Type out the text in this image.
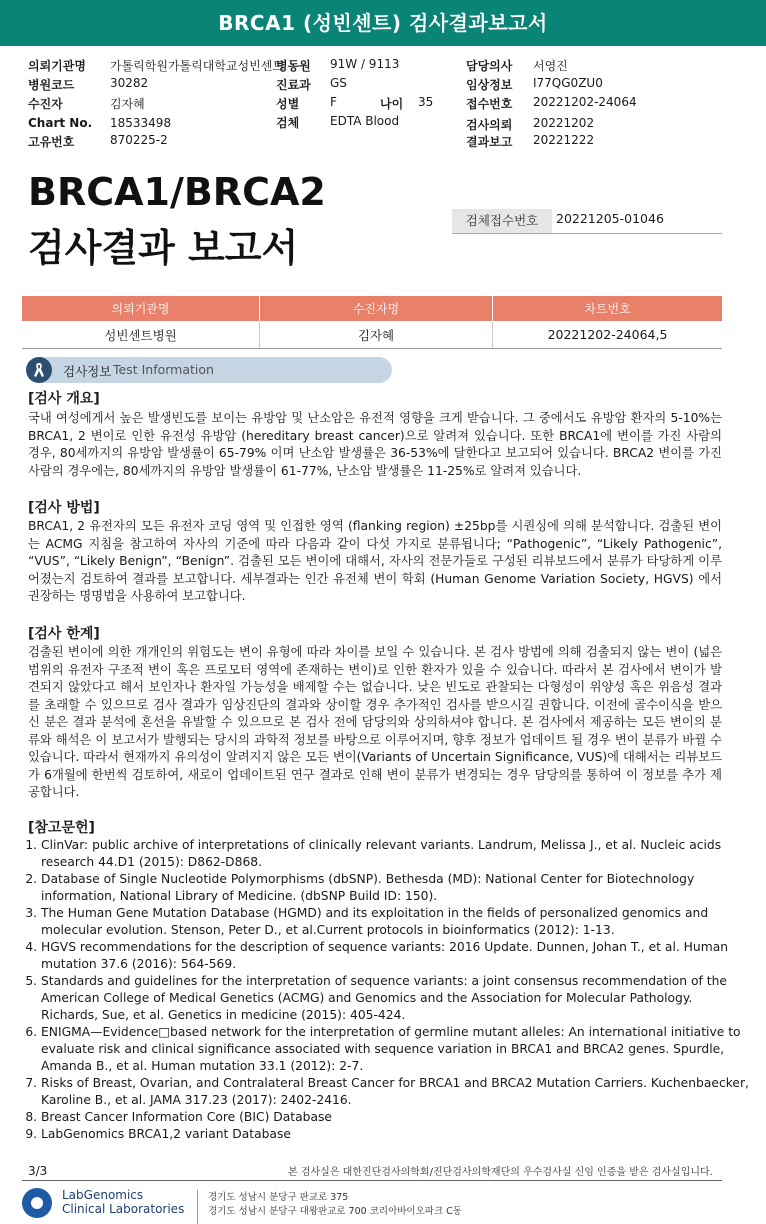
BRCA1 (성빈센트) 검사결과보고서
의뢰기관명 가톨릭학원가톨릭대학교성빈센트
병원코드	30282
수진자	김자혜
Chart No. 18533498
고유번호	870225-2
병동원 91W / 9113
진료과 GS
성별	F	나이 35
검체	EDTA Blood
담당의사 서영진
임상정보 I77QG0ZU0
접수번호 20221202-24064
검사의뢰 20221202
결과보고 20221222
BRCA1/BRCA2
검사결과 보고서
검체접수번호	20221205-01046
의뢰기관명	수진자명	차트번호
성빈센트병원	김자혜	20221202-24064,5
검사정보 Test Information
[검사 개요]
국내 여성에게서 높은 발생빈도를 보이는 유방암 및 난소암은 유전적 영향을 크게 받습니다. 그 중에서도 유방암 환자의 5-10%는 BRCA1, 2 변이로 인한 유전성 유방암 (hereditary breast cancer)으로 알려져 있습니다. 또한 BRCA1에 변이를 가진 사람의 경우, 80세까지의 유방암 발생률이 65-79% 이며 난소암 발생률은 36-53%에 달한다고 보고되어 있습니다. BRCA2 변이를 가진 사람의 경우에는, 80세까지의 유방암 발생률이 61-77%, 난소암 발생률은 11-25%로 알려져 있습니다.
[검사 방법]
BRCA1, 2 유전자의 모든 유전자 코딩 영역 및 인접한 영역 (flanking region) ±25bp를 시퀀싱에 의해 분석합니다. 검출된 변이는 ACMG 지침을 참고하여 자사의 기준에 따라 다음과 같이 다섯 가지로 분류됩니다; “Pathogenic”, “Likely Pathogenic”, “VUS”, “Likely Benign”, “Benign”. 검출된 모든 변이에 대해서, 자사의 전문가들로 구성된 리뷰보드에서 분류가 타당하게 이루어졌는지 검토하여 결과를 보고합니다. 세부결과는 인간 유전체 변이 학회 (Human Genome Variation Society, HGVS) 에서 권장하는 명명법을 사용하여 보고합니다.
[검사 한계]
검출된 변이에 의한 개개인의 위험도는 변이 유형에 따라 차이를 보일 수 있습니다. 본 검사 방법에 의해 검출되지 않는 변이 (넓은 범위의 유전자 구조적 변이 혹은 프로모터 영역에 존재하는 변이)로 인한 환자가 있을 수 있습니다. 따라서 본 검사에서 변이가 발견되지 않았다고 해서 보인자나 환자일 가능성을 배제할 수는 없습니다. 낮은 빈도로 관찰되는 다형성이 위양성 혹은 위음성 결과를 초래할 수 있으므로 검사 결과가 임상진단의 결과와 상이할 경우 추가적인 검사를 받으시길 권합니다. 이전에 골수이식을 받으신 분은 결과 분석에 혼선을 유발할 수 있으므로 본 검사 전에 담당의와 상의하셔야 합니다. 본 검사에서 제공하는 모든 변이의 분류와 해석은 이 보고서가 발행되는 당시의 과학적 정보를 바탕으로 이루어지며, 향후 정보가 업데이트 될 경우 변이 분류가 바뀔 수 있습니다. 따라서 현재까지 유의성이 알려지지 않은 모든 변이(Variants of Uncertain Significance, VUS)에 대해서는 리뷰보드가 6개월에 한번씩 검토하여, 새로이 업데이트된 연구 결과로 인해 변이 분류가 변경되는 경우 담당의를 통하여 이 정보를 추가 제공합니다.
[참고문헌]
1. ClinVar: public archive of interpretations of clinically relevant variants. Landrum, Melissa J., et al. Nucleic acids research 44.D1 (2015): D862-D868.
2. Database of Single Nucleotide Polymorphisms (dbSNP). Bethesda (MD): National Center for Biotechnology information, National Library of Medicine. (dbSNP Build ID: 150).
3. The Human Gene Mutation Database (HGMD) and its exploitation in the fields of personalized genomics and molecular evolution. Stenson, Peter D., et al.Current protocols in bioinformatics (2012): 1-13.
4. HGVS recommendations for the description of sequence variants: 2016 Update. Dunnen, Johan T., et al. Human mutation 37.6 (2016): 564-569.
5. Standards and guidelines for the interpretation of sequence variants: a joint consensus recommendation of the American College of Medical Genetics (ACMG) and Genomics and the Association for Molecular Pathology. Richards, Sue, et al. Genetics in medicine (2015): 405-424.
6. ENIGMA—Evidence□based network for the interpretation of germline mutant alleles: An international initiative to evaluate risk and clinical significance associated with sequence variation in BRCA1 and BRCA2 genes. Spurdle, Amanda B., et al. Human mutation 33.1 (2012): 2-7.
7. Risks of Breast, Ovarian, and Contralateral Breast Cancer for BRCA1 and BRCA2 Mutation Carriers. Kuchenbaecker, Karoline B., et al. JAMA 317.23 (2017): 2402-2416.
8. Breast Cancer Information Core (BIC) Database
9. LabGenomics BRCA1,2 variant Database
3/3	본 검사실은 대한진단검사의학회/진단검사의학재단의 우수검사실 신임 인증을 받은 검사실입니다.
LabGenomics
Clinical Laboratories
경기도 성남시 분당구 판교로 375
경기도 성남시 분당구 대왕판교로 700 코리아바이오파크 C동
